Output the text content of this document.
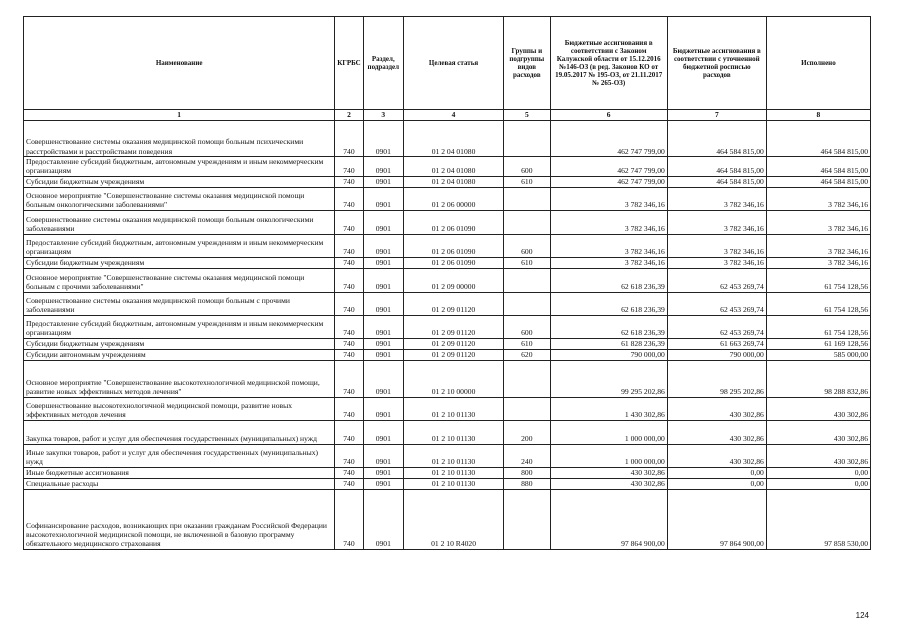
Наименование	КГРБС	Раздел, подраздел	Целевая статья	Группы и подгруппы видов расходов	Бюджетные ассигнования в соответствии с Законом Калужской области от 15.12.2016 №146-ОЗ (в ред. Законов КО от 19.05.2017 № 195-ОЗ, от 21.11.2017 № 265-ОЗ)	Бюджетные ассигнования в соответствии с уточненной бюджетной росписью расходов	Исполнено
1	2	3	4	5	6	7	8
Совершенствование системы оказания медицинской помощи больным психическими расстройствами и расстройствами поведения	740	0901	01 2 04 01080		462 747 799,00	464 584 815,00	464 584 815,00
Предоставление субсидий бюджетным, автономным учреждениям и иным некоммерческим организациям	740	0901	01 2 04 01080	600	462 747 799,00	464 584 815,00	464 584 815,00
Субсидии бюджетным учреждениям	740	0901	01 2 04 01080	610	462 747 799,00	464 584 815,00	464 584 815,00
Основное мероприятие "Совершенствование системы оказания медицинской помощи больным онкологическими заболеваниями"	740	0901	01 2 06 00000		3 782 346,16	3 782 346,16	3 782 346,16
Совершенствование системы оказания медицинской помощи больным онкологическими заболеваниями	740	0901	01 2 06 01090		3 782 346,16	3 782 346,16	3 782 346,16
Предоставление субсидий бюджетным, автономным учреждениям и иным некоммерческим организациям	740	0901	01 2 06 01090	600	3 782 346,16	3 782 346,16	3 782 346,16
Субсидии бюджетным учреждениям	740	0901	01 2 06 01090	610	3 782 346,16	3 782 346,16	3 782 346,16
Основное мероприятие "Совершенствование системы оказания медицинской помощи больным с прочими заболеваниями"	740	0901	01 2 09 00000		62 618 236,39	62 453 269,74	61 754 128,56
Совершенствование системы оказания медицинской помощи больным с прочими заболеваниями	740	0901	01 2 09 01120		62 618 236,39	62 453 269,74	61 754 128,56
Предоставление субсидий бюджетным, автономным учреждениям и иным некоммерческим организациям	740	0901	01 2 09 01120	600	62 618 236,39	62 453 269,74	61 754 128,56
Субсидии бюджетным учреждениям	740	0901	01 2 09 01120	610	61 828 236,39	61 663 269,74	61 169 128,56
Субсидии автономным учреждениям	740	0901	01 2 09 01120	620	790 000,00	790 000,00	585 000,00
Основное мероприятие "Совершенствование высокотехнологичной медицинской помощи, развитие новых эффективных методов лечения"	740	0901	01 2 10 00000		99 295 202,86	98 295 202,86	98 288 832,86
Совершенствование высокотехнологичной медицинской помощи, развитие новых эффективных методов лечения	740	0901	01 2 10 01130		1 430 302,86	430 302,86	430 302,86
Закупка товаров, работ и услуг для обеспечения государственных (муниципальных) нужд	740	0901	01 2 10 01130	200	1 000 000,00	430 302,86	430 302,86
Иные закупки товаров, работ и услуг для обеспечения государственных (муниципальных) нужд	740	0901	01 2 10 01130	240	1 000 000,00	430 302,86	430 302,86
Иные бюджетные ассигнования	740	0901	01 2 10 01130	800	430 302,86	0,00	0,00
Специальные расходы	740	0901	01 2 10 01130	880	430 302,86	0,00	0,00
Софинансирование расходов, возникающих при оказании гражданам Российской Федерации высокотехнологичной медицинской помощи, не включенной в базовую программу обязательного медицинского страхования	740	0901	01 2 10 R4020		97 864 900,00	97 864 900,00	97 858 530,00
124
